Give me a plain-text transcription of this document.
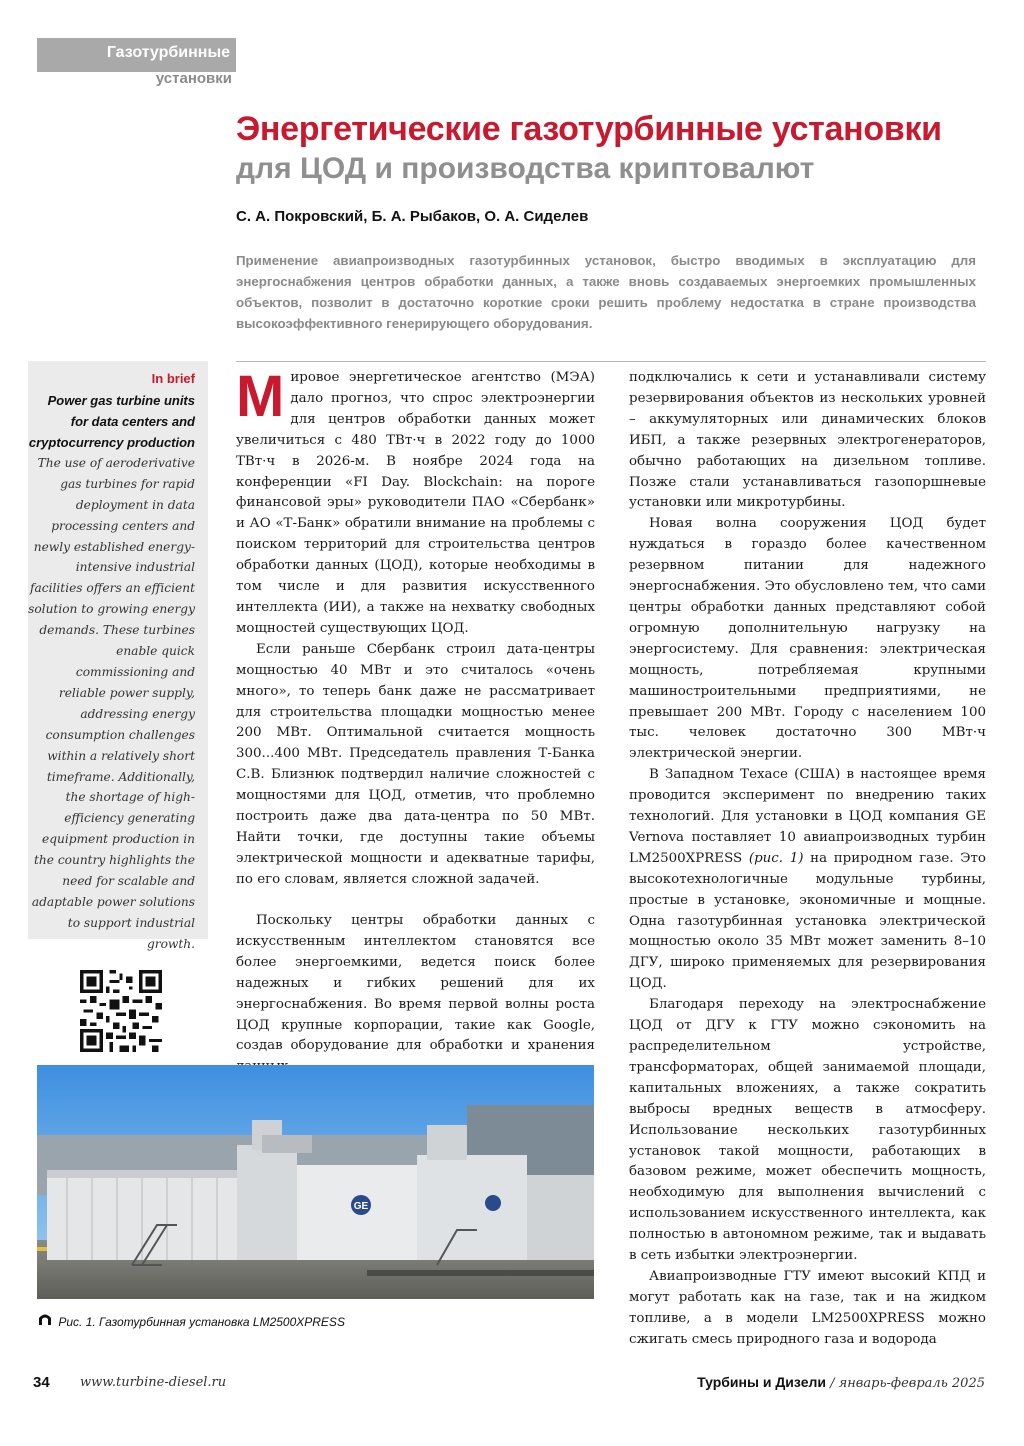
Газотурбинные
установки
Энергетические газотурбинные установки
для ЦОД и производства криптовалют
С. А. Покровский, Б. А. Рыбаков, О. А. Сиделев
Применение авиапроизводных газотурбинных установок, быстро вводимых в эксплуатацию для энергоснабжения центров обработки данных, а также вновь создаваемых энергоемких промышленных объектов, позволит в достаточно короткие сроки решить проблему недостатка в стране производства высокоэффективного генерирующего оборудования.
In brief
Power gas turbine units for data centers and cryptocurrency production
The use of aeroderivative gas turbines for rapid deployment in data processing centers and newly established energy-intensive industrial facilities offers an efficient solution to growing energy demands. These turbines enable quick commissioning and reliable power supply, addressing energy consumption challenges within a relatively short timeframe. Additionally, the shortage of high-efficiency generating equipment production in the country highlights the need for scalable and adaptable power solutions to support industrial growth.
М ировое энергетическое агентство (МЭА) дало прогноз, что спрос электроэнергии для центров обработки данных может увеличиться с 480 ТВт·ч в 2022 году до 1000 ТВт·ч в 2026-м. В ноябре 2024 года на конференции «FI Day. Blockchain: на пороге финансовой эры» руководители ПАО «Сбербанк» и АО «Т-Банк» обратили внимание на проблемы с поиском территорий для строительства центров обработки данных (ЦОД), которые необходимы в том числе и для развития искусственного интеллекта (ИИ), а также на нехватку свободных мощностей существующих ЦОД.

Если раньше Сбербанк строил дата-центры мощностью 40 МВт и это считалось «очень много», то теперь банк даже не рассматривает для строительства площадки мощностью менее 200 МВт. Оптимальной считается мощность 300...400 МВт. Председатель правления Т-Банка С.В. Близнюк подтвердил наличие сложностей с мощностями для ЦОД, отметив, что проблемно построить даже два дата-центра по 50 МВт. Найти точки, где доступны такие объемы электрической мощности и адекватные тарифы, по его словам, является сложной задачей.

Поскольку центры обработки данных с искусственным интеллектом становятся все более энергоемкими, ведется поиск более надежных и гибких решений для их энергоснабжения. Во время первой волны роста ЦОД крупные корпорации, такие как Google, создав оборудование для обработки и хранения

подключались к сети и устанавливали систему резервирования объектов из нескольких уровней – аккумуляторных или динамических блоков ИБП, а также резервных электрогенераторов, обычно работающих на дизельном топливе. Позже стали устанавливаться газопоршневые установки или микротурбины.

Новая волна сооружения ЦОД будет нуждаться в гораздо более качественном резервном питании для надежного энергоснабжения. Это обусловлено тем, что сами центры обработки данных представляют собой огромную дополнительную нагрузку на энергосистему. Для сравнения: электрическая мощность, потребляемая крупными машиностроительными предприятиями, не превышает 200 МВт. Городу с населением 100 тыс. человек достаточно 300 МВт·ч электрической энергии.

В Западном Техасе (США) в настоящее время проводится эксперимент по внедрению таких технологий. Для установки в ЦОД компания GE Vernova поставляет 10 авиапроизводных турбин LM2500XPRESS (рис. 1) на природном газе. Это высокотехнологичные модульные турбины, простые в установке, экономичные и мощные. Одна газотурбинная установка электрической мощностью около 35 МВт может заменить 8–10 ДГУ, широко применяемых для резервирования ЦОД.

Благодаря переходу на электроснабжение ЦОД от ДГУ к ГТУ можно сэкономить на распределительном устройстве, трансформаторах, общей занимаемой площади, капитальных вложениях, а также сократить выбросы вредных веществ в атмосферу. Использование нескольких газотурбинных установок такой мощности, работающих в базовом режиме, может обеспечить мощность, необходимую для выполнения вычислений с использованием искусственного интеллекта, как полностью в автономном режиме, так и выдавать в сеть избытки электроэнергии.

Авиапроизводные ГТУ имеют высокий КПД и могут работать как на газе, так и на жидком топливе, а в модели LM2500XPRESS можно сжигать смесь природного газа и водорода

GE
Рис. 1. Газотурбинная установка LM2500XPRESS
34 www.turbine-diesel.ru	Турбины и Дизели / январь-февраль 2025
